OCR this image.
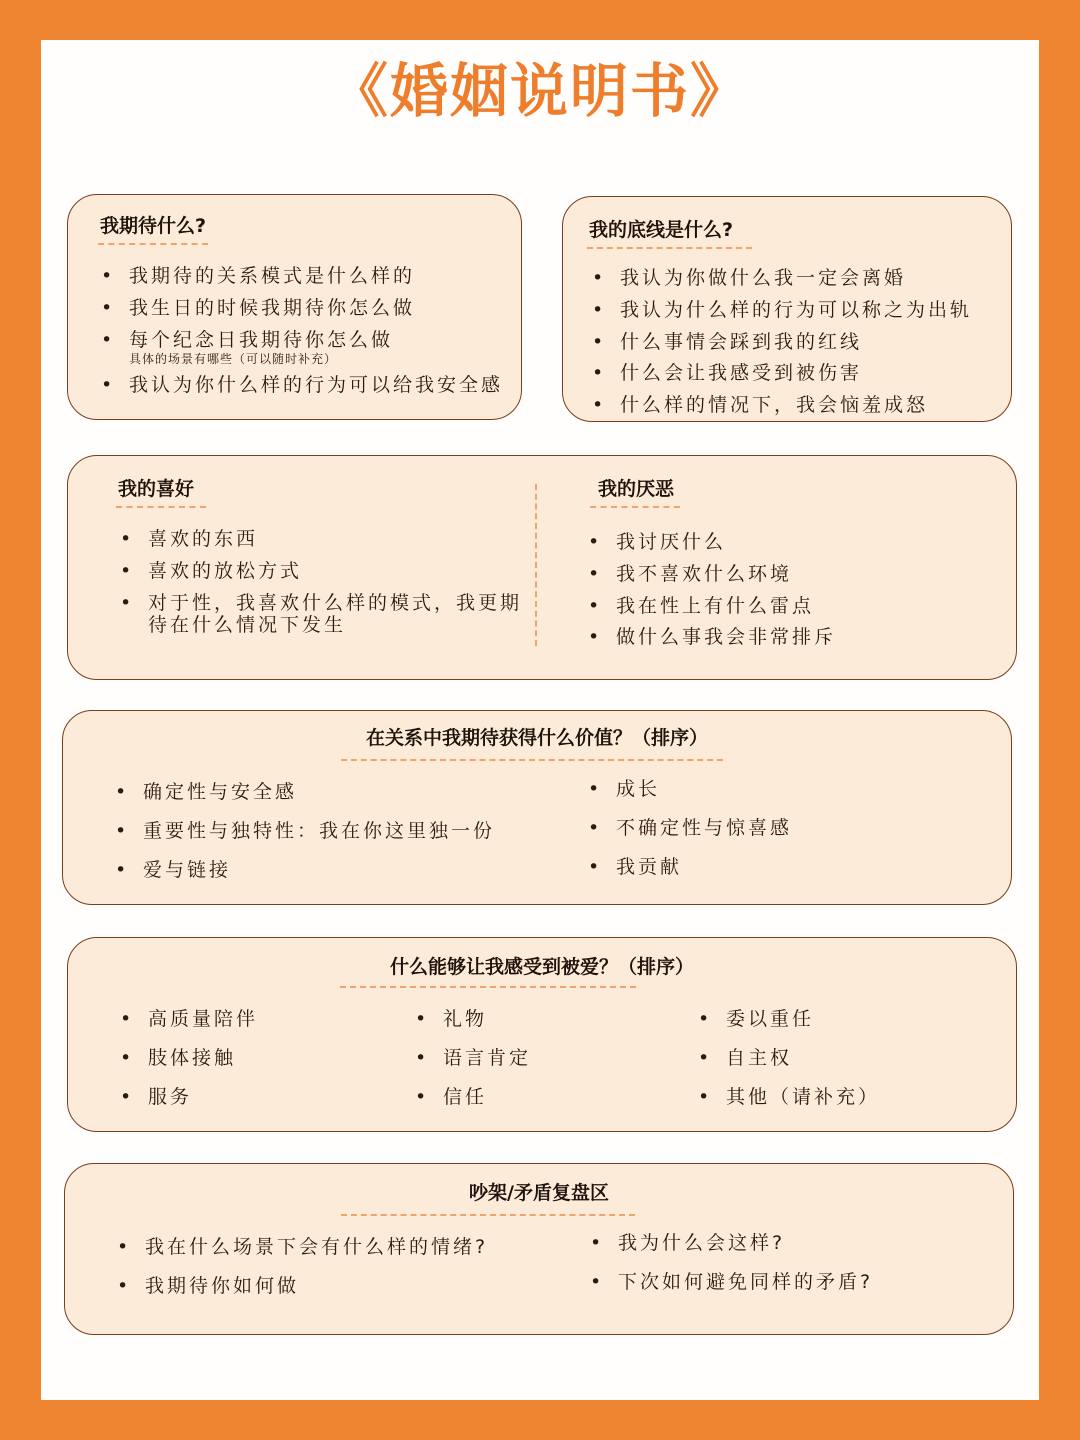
《婚姻说明书》
我期待什么?
• 我期待的关系模式是什么样的
• 我生日的时候我期待你怎么做
• 每个纪念日我期待你怎么做
具体的场景有哪些（可以随时补充）
• 我认为你什么样的行为可以给我安全感
我的底线是什么?
• 我认为你做什么我一定会离婚
• 我认为什么样的行为可以称之为出轨
• 什么事情会踩到我的红线
• 什么会让我感受到被伤害
• 什么样的情况下，我会恼羞成怒
我的喜好
• 喜欢的东西
• 喜欢的放松方式
• 对于性，我喜欢什么样的模式，我更期
待在什么情况下发生
我的厌恶
• 我讨厌什么
• 我不喜欢什么环境
• 我在性上有什么雷点
• 做什么事我会非常排斥
在关系中我期待获得什么价值？（排序）
• 确定性与安全感
• 重要性与独特性：我在你这里独一份
• 爱与链接
• 成长
• 不确定性与惊喜感
• 我贡献
什么能够让我感受到被爱？（排序）
• 高质量陪伴
• 肢体接触
• 服务
• 礼物
• 语言肯定
• 信任
• 委以重任
• 自主权
• 其他（请补充）
吵架/矛盾复盘区
• 我在什么场景下会有什么样的情绪?
• 我期待你如何做
• 我为什么会这样?
• 下次如何避免同样的矛盾?
